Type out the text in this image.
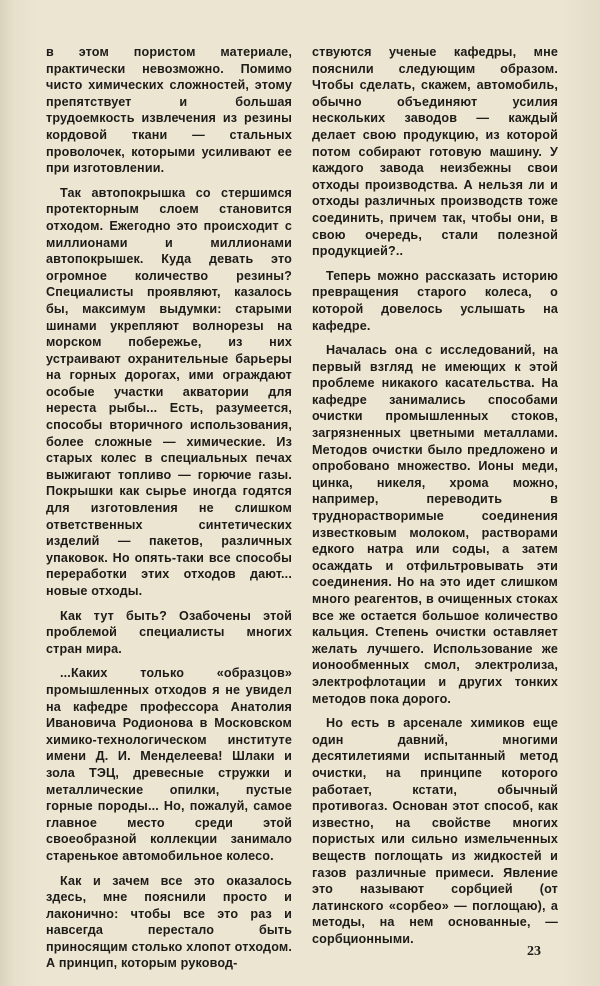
в этом пористом материале, практически невозможно. Помимо чисто химических сложностей, этому препятствует и большая трудоемкость извлечения из резины кордовой ткани — стальных проволочек, которыми усиливают ее при изготовлении.

Так автопокрышка со стершимся протекторным слоем становится отходом. Ежегодно это происходит с миллионами и миллионами автопокрышек. Куда девать это огромное количество резины? Специалисты проявляют, казалось бы, максимум выдумки: старыми шинами укрепляют волнорезы на морском побережье, из них устраивают охранительные барьеры на горных дорогах, ими ограждают особые участки акватории для нереста рыбы... Есть, разумеется, способы вторичного использования, более сложные — химические. Из старых колес в специальных печах выжигают топливо — горючие газы. Покрышки как сырье иногда годятся для изготовления не слишком ответственных синтетических изделий — пакетов, различных упаковок. Но опять-таки все способы переработки этих отходов дают... новые отходы.

Как тут быть? Озабочены этой проблемой специалисты многих стран мира.

...Каких только «образцов» промышленных отходов я не увидел на кафедре профессора Анатолия Ивановича Родионова в Московском химико-технологическом институте имени Д. И. Менделеева! Шлаки и зола ТЭЦ, древесные стружки и металлические опилки, пустые горные породы... Но, пожалуй, самое главное место среди этой своеобразной коллекции занимало старенькое автомобильное колесо.

Как и зачем все это оказалось здесь, мне пояснили просто и лаконично: чтобы все это раз и навсегда перестало быть приносящим столько хлопот отходом. А принцип, которым руковод-

ствуются ученые кафедры, мне пояснили следующим образом. Чтобы сделать, скажем, автомобиль, обычно объединяют усилия нескольких заводов — каждый делает свою продукцию, из которой потом собирают готовую машину. У каждого завода неизбежны свои отходы производства. А нельзя ли и отходы различных производств тоже соединить, причем так, чтобы они, в свою очередь, стали полезной продукцией?..

Теперь можно рассказать историю превращения старого колеса, о которой довелось услышать на кафедре.

Началась она с исследований, на первый взгляд не имеющих к этой проблеме никакого касательства. На кафедре занимались способами очистки промышленных стоков, загрязненных цветными металлами. Методов очистки было предложено и опробовано множество. Ионы меди, цинка, никеля, хрома можно, например, переводить в труднорастворимые соединения известковым молоком, растворами едкого натра или соды, а затем осаждать и отфильтровывать эти соединения. Но на это идет слишком много реагентов, в очищенных стоках все же остается большое количество кальция. Степень очистки оставляет желать лучшего. Использование же ионообменных смол, электролиза, электрофлотации и других тонких методов пока дорого.

Но есть в арсенале химиков еще один давний, многими десятилетиями испытанный метод очистки, на принципе которого работает, кстати, обычный противогаз. Основан этот способ, как известно, на свойстве многих пористых или сильно измельченных веществ поглощать из жидкостей и газов различные примеси. Явление это называют сорбцией (от латинского «сорбео» — поглощаю), а методы, на нем основанные, — сорбционными.

23
